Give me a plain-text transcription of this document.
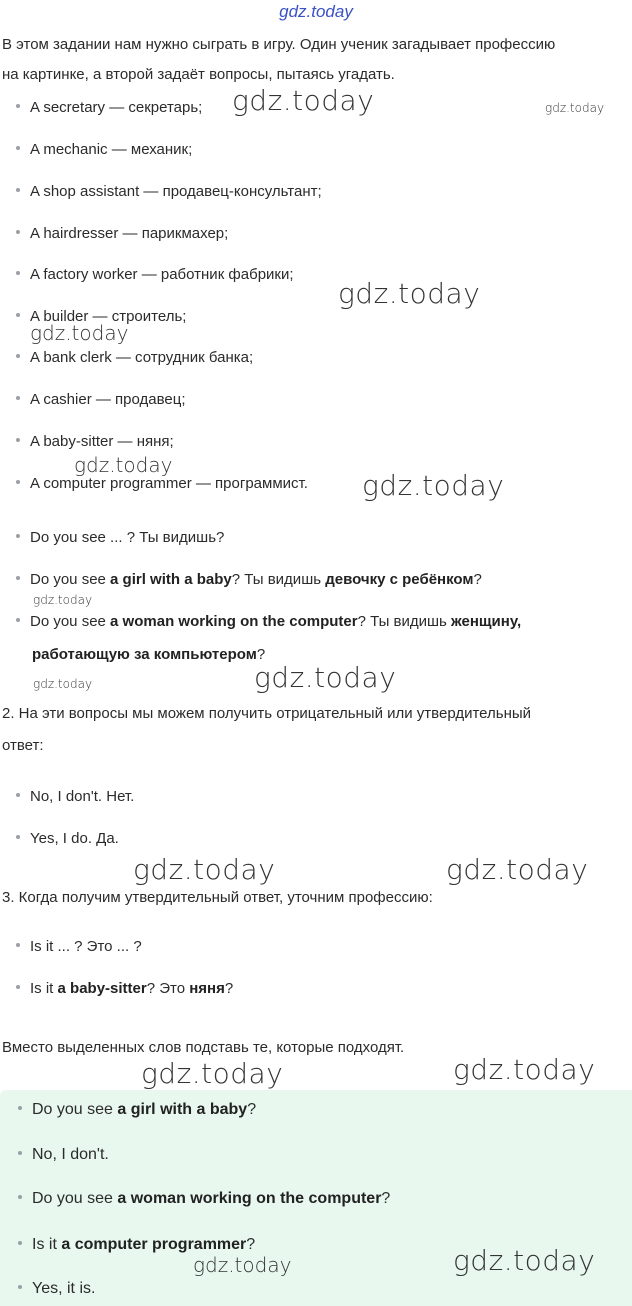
gdz.today
В этом задании нам нужно сыграть в игру. Один ученик загадывает профессию
на картинке, а второй задаёт вопросы, пытаясь угадать.
A secretary — секретарь;
A mechanic — механик;
A shop assistant — продавец-консультант;
A hairdresser — парикмахер;
A factory worker — работник фабрики;
A builder — строитель;
A bank clerk — сотрудник банка;
A cashier — продавец;
A baby-sitter — няня;
A computer programmer — программист.
Do you see ... ? Ты видишь?
Do you see a girl with a baby? Ты видишь девочку с ребёнком?
Do you see a woman working on the computer? Ты видишь женщину,
работающую за компьютером?
2. На эти вопросы мы можем получить отрицательный или утвердительный
ответ:
No, I don't. Нет.
Yes, I do. Да.
3. Когда получим утвердительный ответ, уточним профессию:
Is it ... ? Это ... ?
Is it a baby-sitter? Это няня?
Вместо выделенных слов подставь те, которые подходят.
Do you see a girl with a baby?
No, I don't.
Do you see a woman working on the computer?
Is it a computer programmer?
Yes, it is.
gdz.today	gdz.today
gdz.today
gdz.today
gdz.today
gdz.today
gdz.today
gdz.today	gdz.today
gdz.today	gdz.today
gdz.today	gdz.today
gdz.today	gdz.today
